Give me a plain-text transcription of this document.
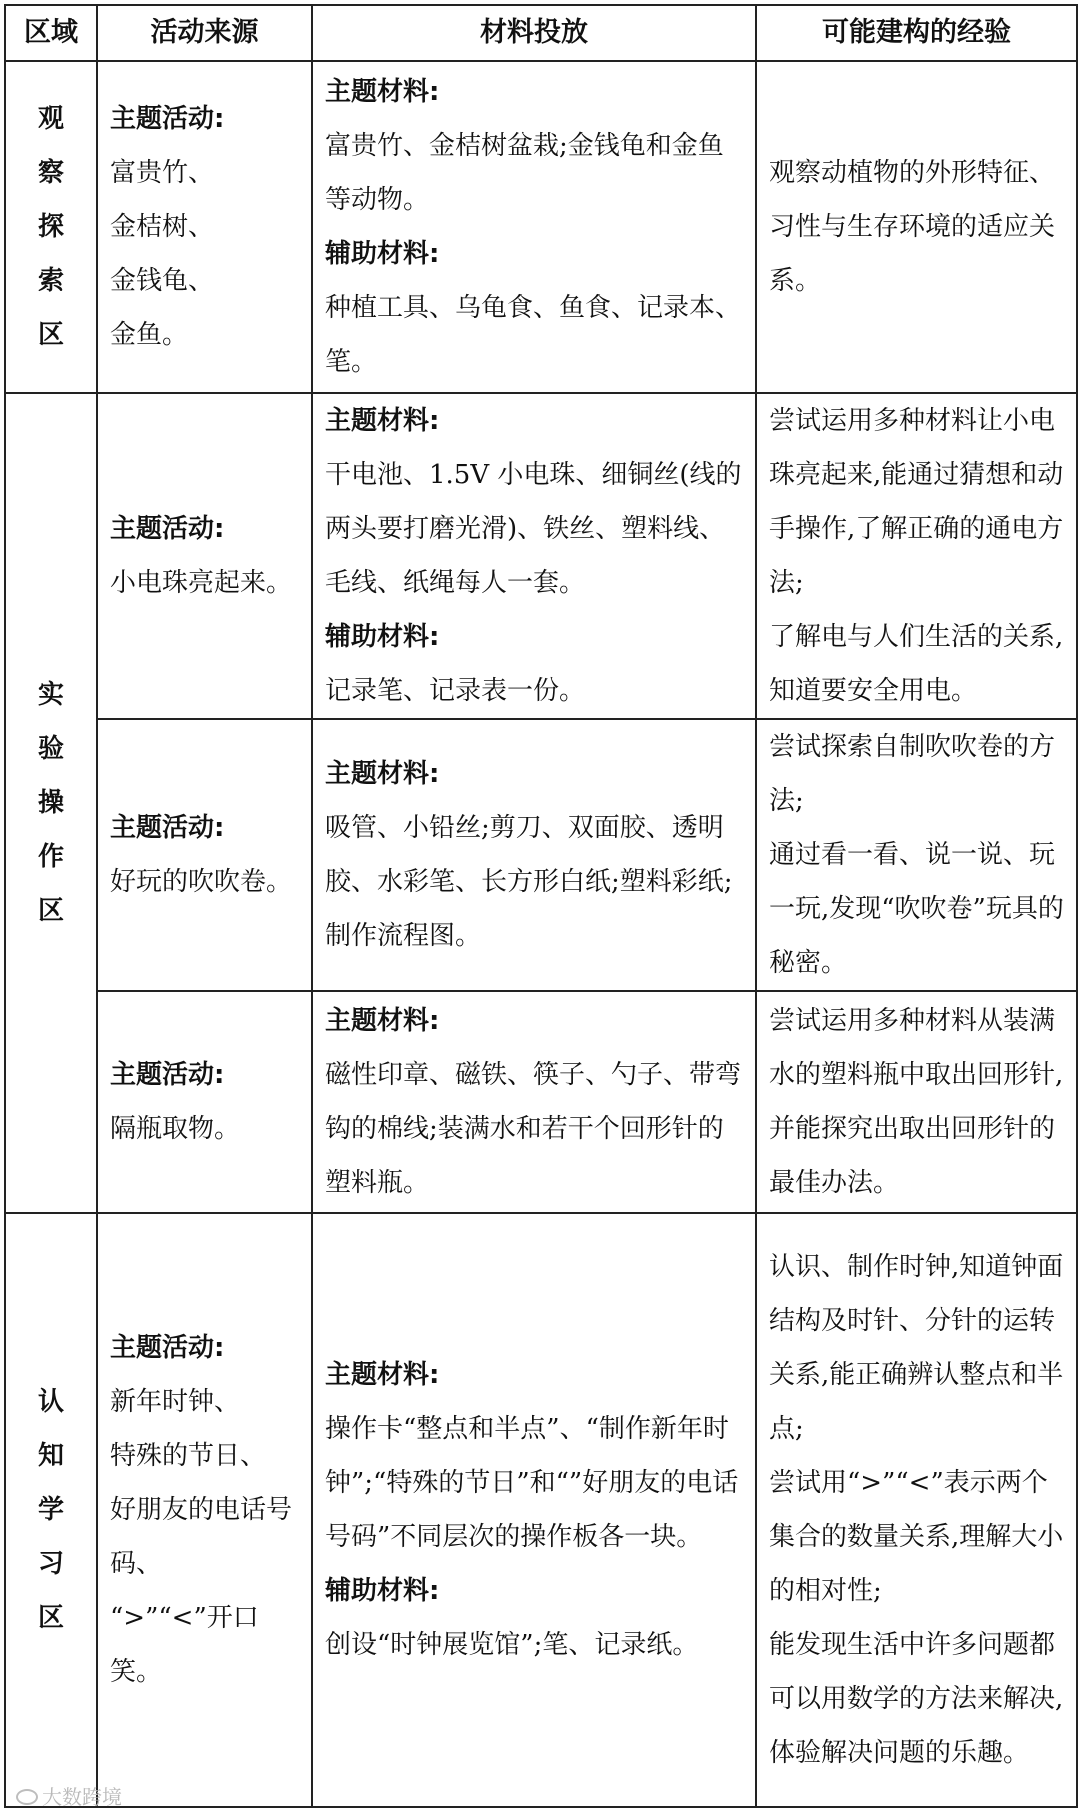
区域	活动来源	材料投放	可能建构的经验

观
察
探
索
区	主题活动:
富贵竹、
金桔树、
金钱龟、
金鱼。	主题材料:
富贵竹、金桔树盆栽;金钱龟和金鱼等动物。
辅助材料:
种植工具、乌龟食、鱼食、记录本、笔。	观察动植物的外形特征、习性与生存环境的适应关系。

实
验
操
作
区	主题活动:
小电珠亮起来。	主题材料:
干电池、1.5V 小电珠、细铜丝(线的两头要打磨光滑)、铁丝、塑料线、毛线、纸绳每人一套。
辅助材料:
记录笔、记录表一份。	尝试运用多种材料让小电珠亮起来,能通过猜想和动手操作,了解正确的通电方法;
了解电与人们生活的关系,知道要安全用电。

	主题活动:
好玩的吹吹卷。	主题材料:
吸管、小铅丝;剪刀、双面胶、透明胶、水彩笔、长方形白纸;塑料彩纸;制作流程图。	尝试探索自制吹吹卷的方法;
通过看一看、说一说、玩一玩,发现“吹吹卷”玩具的秘密。

	主题活动:
隔瓶取物。	主题材料:
磁性印章、磁铁、筷子、勺子、带弯钩的棉线;装满水和若干个回形针的塑料瓶。	尝试运用多种材料从装满水的塑料瓶中取出回形针,并能探究出取出回形针的最佳办法。

认
知
学
习
区	主题活动:
新年时钟、
特殊的节日、
好朋友的电话号码、
“>”“<”开口笑。	主题材料:
操作卡“整点和半点”、“制作新年时钟”;“特殊的节日”和“”好朋友的电话号码”不同层次的操作板各一块。
辅助材料:
创设“时钟展览馆”;笔、记录纸。	认识、制作时钟,知道钟面结构及时针、分针的运转关系,能正确辨认整点和半点;
尝试用“>”“<”表示两个集合的数量关系,理解大小的相对性;
能发现生活中许多问题都可以用数学的方法来解决,体验解决问题的乐趣。
大数跨境
